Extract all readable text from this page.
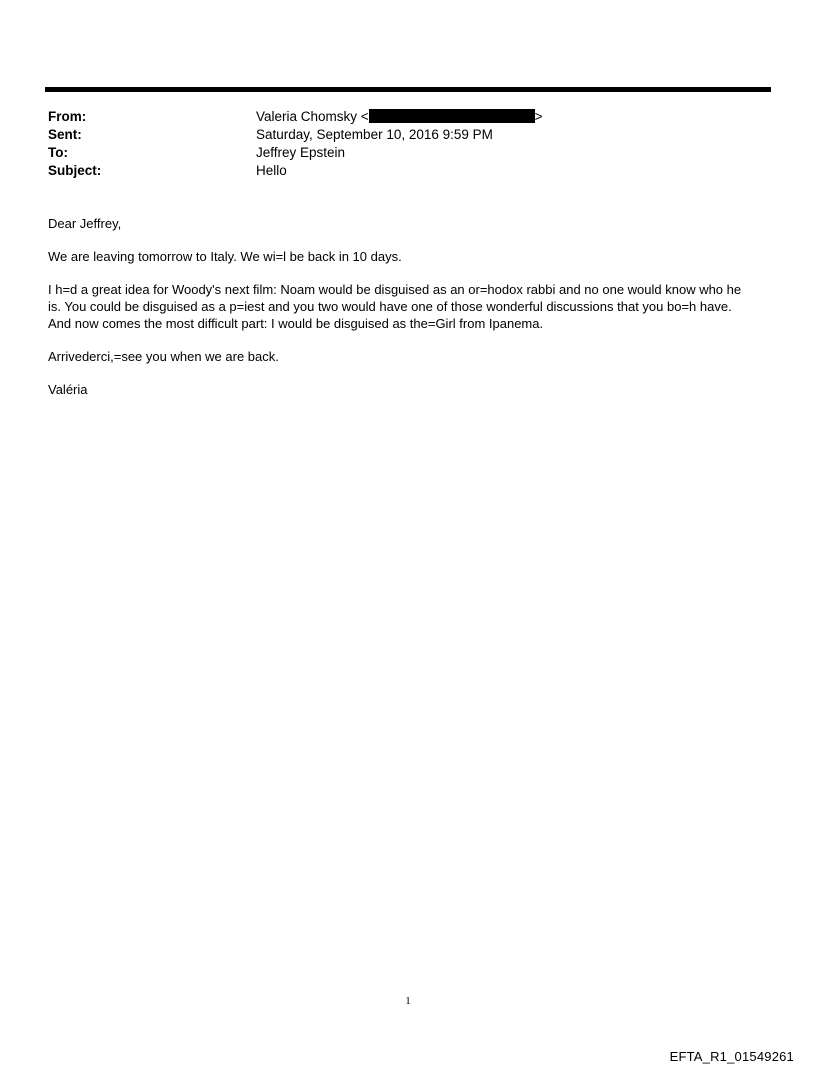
From:	Valeria Chomsky <	>
Sent:	Saturday, September 10, 2016 9:59 PM
To:	Jeffrey Epstein
Subject:	Hello

Dear Jeffrey,

We are leaving tomorrow to Italy. We wi=l be back in 10 days.

I h=d a great idea for Woody's next film: Noam would be disguised as an or=hodox rabbi and no one would know who he
is. You could be disguised as a p=iest and you two would have one of those wonderful discussions that you bo=h have.
And now comes the most difficult part: I would be disguised as the=Girl from Ipanema.

Arrivederci,=see you when we are back.

Valéria

1
EFTA_R1_01549261
